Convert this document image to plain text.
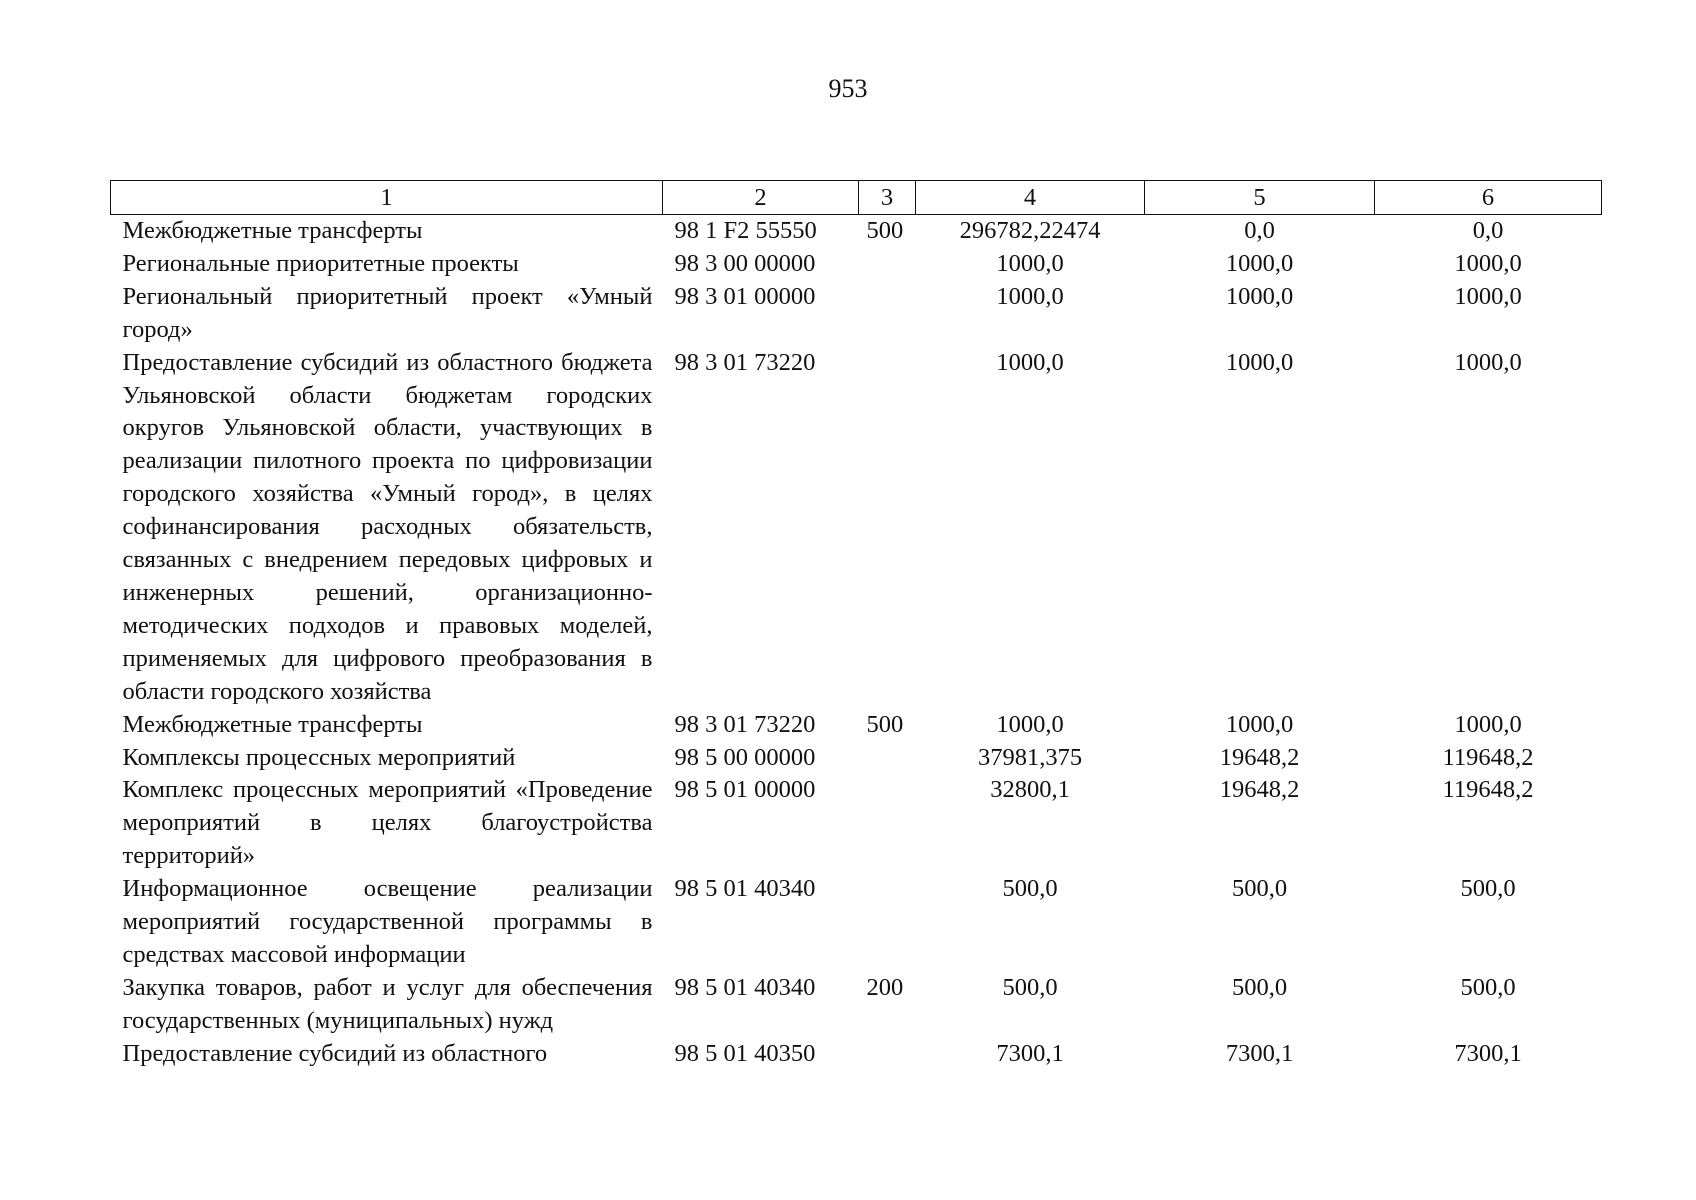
953
1	2	3	4	5	6
Межбюджетные трансферты	98 1 F2 55550	500	296782,22474	0,0	0,0
Региональные приоритетные проекты	98 3 00 00000		1000,0	1000,0	1000,0
Региональный приоритетный проект «Умный город»	98 3 01 00000		1000,0	1000,0	1000,0
Предоставление субсидий из областного бюджета Ульяновской области бюджетам городских округов Ульяновской области, участвующих в реализации пилотного проекта по цифровизации городского хозяйства «Умный город», в целях софинансирования расходных обязательств, связанных с внедрением передовых цифровых и инженерных решений, организационно-методических подходов и правовых моделей, применяемых для цифрового преобразования в области городского хозяйства	98 3 01 73220		1000,0	1000,0	1000,0
Межбюджетные трансферты	98 3 01 73220	500	1000,0	1000,0	1000,0
Комплексы процессных мероприятий	98 5 00 00000		37981,375	19648,2	119648,2
Комплекс процессных мероприятий «Проведение мероприятий в целях благоустройства территорий»	98 5 01 00000		32800,1	19648,2	119648,2
Информационное освещение реализации мероприятий государственной программы в средствах массовой информации	98 5 01 40340		500,0	500,0	500,0
Закупка товаров, работ и услуг для обеспечения государственных (муниципальных) нужд	98 5 01 40340	200	500,0	500,0	500,0
Предоставление субсидий из областного	98 5 01 40350		7300,1	7300,1	7300,1
